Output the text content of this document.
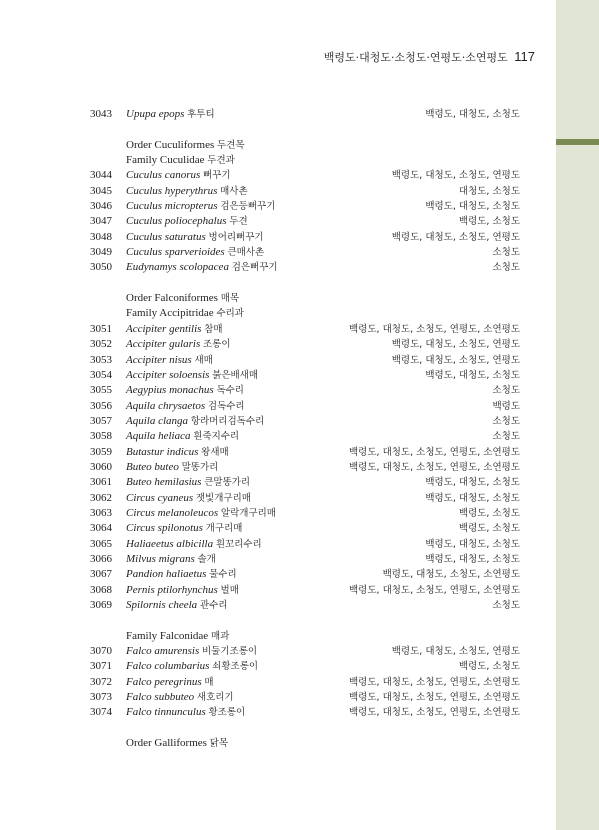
백령도·대청도·소청도·연평도·소연평도 117
3043	Upupa epops 후투티	백령도, 대청도, 소청도
Order Cuculiformes 두견목
Family Cuculidae 두견과
3044	Cuculus canorus 뻐꾸기	백령도, 대청도, 소청도, 연평도
3045	Cuculus hyperythrus 매사촌	대청도, 소청도
3046	Cuculus micropterus 검은등뻐꾸기	백령도, 대청도, 소청도
3047	Cuculus poliocephalus 두견	백령도, 소청도
3048	Cuculus saturatus 벙어리뻐꾸기	백령도, 대청도, 소청도, 연평도
3049	Cuculus sparverioides 큰매사촌	소청도
3050	Eudynamys scolopacea 검은뻐꾸기	소청도
Order Falconiformes 매목
Family Accipitridae 수리과
3051	Accipiter gentilis 참매	백령도, 대청도, 소청도, 연평도, 소연평도
3052	Accipiter gularis 조롱이	백령도, 대청도, 소청도, 연평도
3053	Accipiter nisus 새매	백령도, 대청도, 소청도, 연평도
3054	Accipiter soloensis 붉은배새매	백령도, 대청도, 소청도
3055	Aegypius monachus 독수리	소청도
3056	Aquila chrysaetos 검독수리	백령도
3057	Aquila clanga 항라머리검독수리	소청도
3058	Aquila heliaca 흰죽지수리	소청도
3059	Butastur indicus 왕새매	백령도, 대청도, 소청도, 연평도, 소연평도
3060	Buteo buteo 말똥가리	백령도, 대청도, 소청도, 연평도, 소연평도
3061	Buteo hemilasius 큰말똥가리	백령도, 대청도, 소청도
3062	Circus cyaneus 잿빛개구리매	백령도, 대청도, 소청도
3063	Circus melanoleucos 알락개구리매	백령도, 소청도
3064	Circus spilonotus 개구리매	백령도, 소청도
3065	Haliaeetus albicilla 흰꼬리수리	백령도, 대청도, 소청도
3066	Milvus migrans 솔개	백령도, 대청도, 소청도
3067	Pandion haliaetus 물수리	백령도, 대청도, 소청도, 소연평도
3068	Pernis ptilorhynchus 벌매	백령도, 대청도, 소청도, 연평도, 소연평도
3069	Spilornis cheela 관수리	소청도
Family Falconidae 매과
3070	Falco amurensis 비둘기조롱이	백령도, 대청도, 소청도, 연평도
3071	Falco columbarius 쇠황조롱이	백령도, 소청도
3072	Falco peregrinus 매	백령도, 대청도, 소청도, 연평도, 소연평도
3073	Falco subbuteo 새호리기	백령도, 대청도, 소청도, 연평도, 소연평도
3074	Falco tinnunculus 황조롱이	백령도, 대청도, 소청도, 연평도, 소연평도
Order Galliformes 닭목
